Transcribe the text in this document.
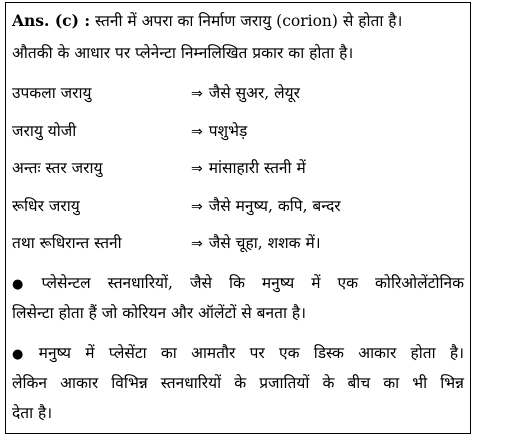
Ans. (c) : स्तनी में अपरा का निर्माण जरायु (corion) से होता है।
औतकी के आधार पर प्लेनेन्टा निम्नलिखित प्रकार का होता है।
उपकला जरायु	⇒ जैसे सुअर, लेयूर
जरायु योजी	⇒ पशुभेड़
अन्तः स्तर जरायु	⇒ मांसाहारी स्तनी में
रूधिर जरायु	⇒ जैसे मनुष्य, कपि, बन्दर
तथा रूधिरान्त स्तनी	⇒ जैसे चूहा, शशक में।
● प्लेसेन्टल स्तनधारियों, जैसे कि मनुष्य में एक कोरिओलेंटोनिक
लिसेन्टा होता हैं जो कोरियन और ऑलेंटों से बनता है।
● मनुष्य में प्लेसेंटा का आमतौर पर एक डिस्क आकार होता है।
लेकिन आकार विभिन्न स्तनधारियों के प्रजातियों के बीच का भी भिन्न
देता है।
